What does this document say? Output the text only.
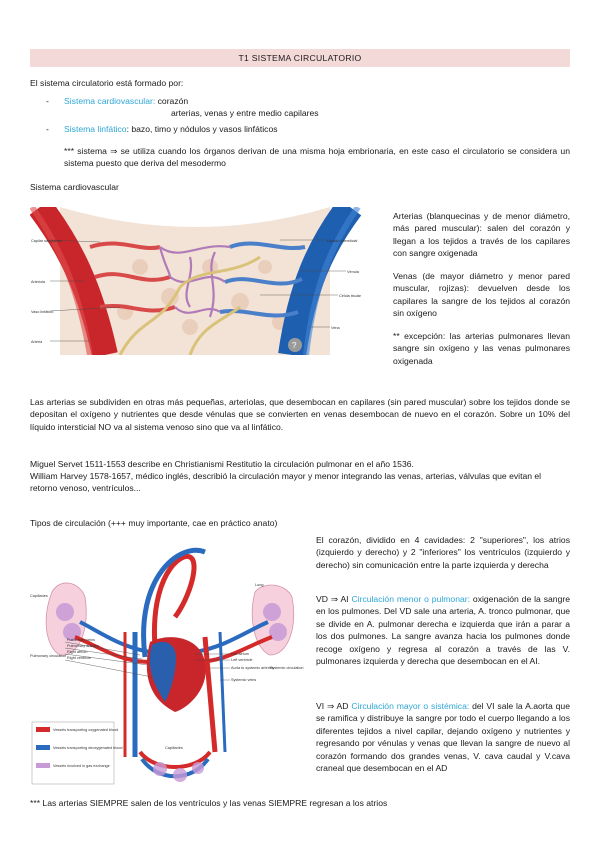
T1 SISTEMA CIRCULATORIO
El sistema circulatorio está formado por:
- Sistema cardiovascular: corazón
arterias, venas y entre medio capilares
- Sistema linfático: bazo, timo y nódulos y vasos linfáticos
*** sistema ⇒ se utiliza cuando los órganos derivan de una misma hoja embrionaria, en este caso el circulatorio se considera un sistema puesto que deriva del mesodermo
Sistema cardiovascular
?
Capilar sanguíneo
Arteriola
Vaso linfático
Arteria
Líquido intersticial
Vénula
Célula tisular
Vena
Arterias (blanquecinas y de menor diámetro, más pared muscular): salen del corazón y llegan a los tejidos a través de los capilares con sangre oxigenada
Venas (de mayor diámetro y menor pared muscular, rojizas): devuelven desde los capilares la sangre de los tejidos al corazón sin oxígeno
** excepción: las arterias pulmonares llevan sangre sin oxígeno y las venas pulmonares oxigenada
Las arterias se subdividen en otras más pequeñas, arteriolas, que desembocan en capilares (sin pared muscular) sobre los tejidos donde se depositan el oxígeno y nutrientes que desde vénulas que se convierten en venas desembocan de nuevo en el corazón. Sobre un 10% del líquido intersticial NO va al sistema venoso sino que va al linfático.
Miguel Servet 1511-1553 describe en Christianismi Restitutio la circulación pulmonar en el año 1536.
William Harvey 1578-1657, médico inglés, describió la circulación mayor y menor integrando las venas, arterias, válvulas que evitan el retorno venoso, ventrículos...
Tipos de circulación (+++ muy importante, cae en práctico anato)
Capillaries
Lung
Pulmonary circulation
Pulmonary veins
Pulmonary arteries
Right atrium
Right ventricle
Left atrium
Left ventricle
Aorta to systemic arteries
Systemic veins
Systemic circulation
Capillaries
Vessels transporting oxygenated blood
Vessels transporting deoxygenated blood
Vessels involved in gas exchange
El corazón, dividido en 4 cavidades: 2 "superiores", los atrios (izquierdo y derecho) y 2 "inferiores" los ventrículos (izquierdo y derecho) sin comunicación entre la parte izquierda y derecha
VD ⇒ AI Circulación menor o pulmonar: oxigenación de la sangre en los pulmones. Del VD sale una arteria, A. tronco pulmonar, que se divide en A. pulmonar derecha e izquierda que irán a parar a los dos pulmones. La sangre avanza hacia los pulmones donde recoge oxígeno y regresa al corazón a través de las V. pulmonares izquierda y derecha que desembocan en el AI.
VI ⇒ AD Circulación mayor o sistémica: del VI sale la A.aorta que se ramifica y distribuye la sangre por todo el cuerpo llegando a los diferentes tejidos a nivel capilar, dejando oxígeno y nutrientes y regresando por vénulas y venas que llevan la sangre de nuevo al corazón formando dos grandes venas, V. cava caudal y V.cava craneal que desembocan en el AD
*** Las arterias SIEMPRE salen de los ventrículos y las venas SIEMPRE regresan a los atrios
